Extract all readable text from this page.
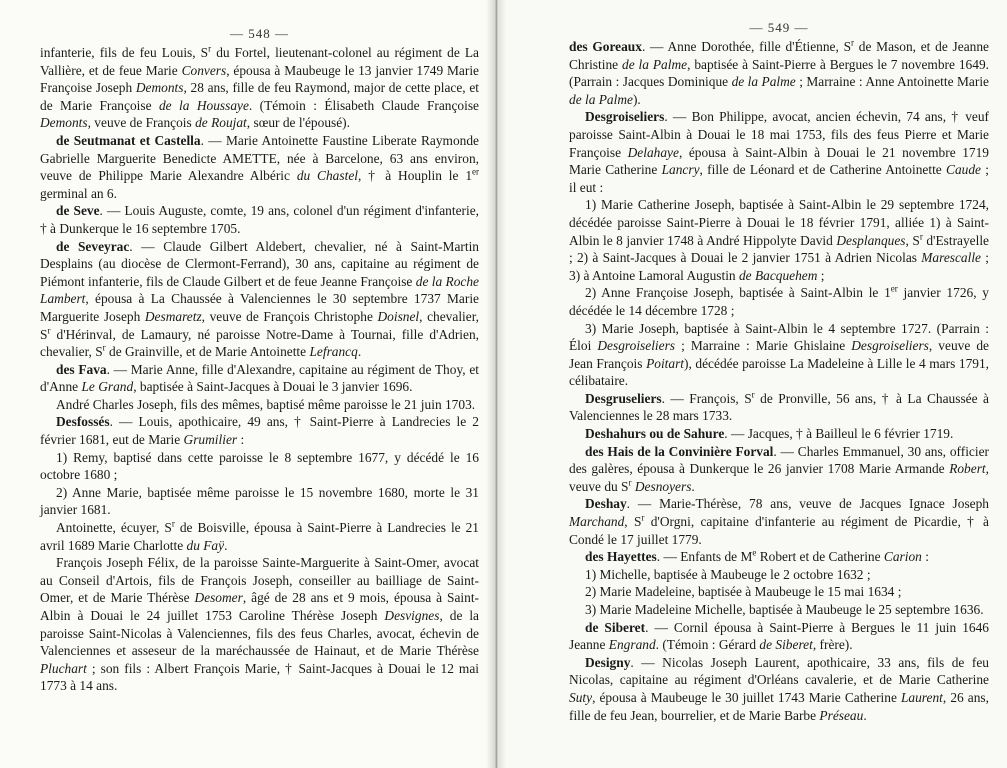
— 548 —

infanterie, fils de feu Louis, $S^r$ du Fortel, lieutenant-colonel au régiment de La Vallière, et de feue Marie Convers, épousa à Maubeuge le 13 janvier 1749 Marie Françoise Joseph Demonts, 28 ans, fille de feu Raymond, major de cette place, et de Marie Françoise de la Houssaye. (Témoin : Élisabeth Claude Françoise Demonts, veuve de François de Roujat, sœur de l'épousé).

de Seutmanat et Castella. — Marie Antoinette Faustine Liberate Raymonde Gabrielle Marguerite Benedicte AMETTE, née à Barcelone, 63 ans environ, veuve de Philippe Marie Alexandre Albéric du Chastel, † à Houplin le 1er germinal an 6.

de Seve. — Louis Auguste, comte, 19 ans, colonel d'un régiment d'infanterie, † à Dunkerque le 16 septembre 1705.

de Seveyrac. — Claude Gilbert Aldebert, chevalier, né à Saint-Martin Desplains (au diocèse de Clermont-Ferrand), 30 ans, capitaine au régiment de Piémont infanterie, fils de Claude Gilbert et de feue Jeanne Françoise de la Roche Lambert, épousa à La Chaussée à Valenciennes le 30 septembre 1737 Marie Marguerite Joseph Desmaretz, veuve de François Christophe Doisnel, chevalier, $S^r$ d'Hérinval, de Lamaury, né paroisse Notre-Dame à Tournai, fille d'Adrien, chevalier, $S^r$ de Grainville, et de Marie Antoinette Lefrancq.

des Fava. — Marie Anne, fille d'Alexandre, capitaine au régiment de Thoy, et d'Anne Le Grand, baptisée à Saint-Jacques à Douai le 3 janvier 1696.

André Charles Joseph, fils des mêmes, baptisé même paroisse le 21 juin 1703.

Desfossés. — Louis, apothicaire, 49 ans, † Saint-Pierre à Landrecies le 2 février 1681, eut de Marie Grumilier :

1) Remy, baptisé dans cette paroisse le 8 septembre 1677, y décédé le 16 octobre 1680 ;

2) Anne Marie, baptisée même paroisse le 15 novembre 1680, morte le 31 janvier 1681.

Antoinette, écuyer, $S^r$ de Boisville, épousa à Saint-Pierre à Landrecies le 21 avril 1689 Marie Charlotte du Faÿ.

François Joseph Félix, de la paroisse Sainte-Marguerite à Saint-Omer, avocat au Conseil d'Artois, fils de François Joseph, conseiller au bailliage de Saint-Omer, et de Marie Thérèse Desomer, âgé de 28 ans et 9 mois, épousa à Saint-Albin à Douai le 24 juillet 1753 Caroline Thérèse Joseph Desvignes, de la paroisse Saint-Nicolas à Valenciennes, fils des feus Charles, avocat, échevin de Valenciennes et asseseur de la maréchaussée de Hainaut, et de Marie Thérèse Pluchart ; son fils : Albert François Marie, † Saint-Jacques à Douai le 12 mai 1773 à 14 ans.

— 549 —

des Goreaux. — Anne Dorothée, fille d'Étienne, $S^r$ de Mason, et de Jeanne Christine de la Palme, baptisée à Saint-Pierre à Bergues le 7 novembre 1649. (Parrain : Jacques Dominique de la Palme ; Marraine : Anne Antoinette Marie de la Palme).

Desgroiseliers. — Bon Philippe, avocat, ancien échevin, 74 ans, † veuf paroisse Saint-Albin à Douai le 18 mai 1753, fils des feus Pierre et Marie Françoise Delahaye, épousa à Saint-Albin à Douai le 21 novembre 1719 Marie Catherine Lancry, fille de Léonard et de Catherine Antoinette Caude ; il eut :

1) Marie Catherine Joseph, baptisée à Saint-Albin le 29 septembre 1724, décédée paroisse Saint-Pierre à Douai le 18 février 1791, alliée 1) à Saint-Albin le 8 janvier 1748 à André Hippolyte David Desplanques, $S^r$ d'Estrayelle ; 2) à Saint-Jacques à Douai le 2 janvier 1751 à Adrien Nicolas Marescalle ; 3) à Antoine Lamoral Augustin de Bacquehem ;

2) Anne Françoise Joseph, baptisée à Saint-Albin le 1er janvier 1726, y décédée le 14 décembre 1728 ;

3) Marie Joseph, baptisée à Saint-Albin le 4 septembre 1727. (Parrain : Éloi Desgroiseliers ; Marraine : Marie Ghislaine Desgroiseliers, veuve de Jean François Poitart), décédée paroisse La Madeleine à Lille le 4 mars 1791, célibataire.

Desgruseliers. — François, $S^r$ de Pronville, 56 ans, † à La Chaussée à Valenciennes le 28 mars 1733.

Deshahurs ou de Sahure. — Jacques, † à Bailleul le 6 février 1719.

des Hais de la Convinière Forval. — Charles Emmanuel, 30 ans, officier des galères, épousa à Dunkerque le 26 janvier 1708 Marie Armande Robert, veuve du $S^r$ Desnoyers.

Deshay. — Marie-Thérèse, 78 ans, veuve de Jacques Ignace Joseph Marchand, $S^r$ d'Orgni, capitaine d'infanterie au régiment de Picardie, † à Condé le 17 juillet 1779.

des Hayettes. — Enfants de Me Robert et de Catherine Carion :

1) Michelle, baptisée à Maubeuge le 2 octobre 1632 ;

2) Marie Madeleine, baptisée à Maubeuge le 15 mai 1634 ;

3) Marie Madeleine Michelle, baptisée à Maubeuge le 25 septembre 1636.

de Siberet. — Cornil épousa à Saint-Pierre à Bergues le 11 juin 1646 Jeanne Engrand. (Témoin : Gérard de Siberet, frère).

Designy. — Nicolas Joseph Laurent, apothicaire, 33 ans, fils de feu Nicolas, capitaine au régiment d'Orléans cavalerie, et de Marie Catherine Suty, épousa à Maubeuge le 30 juillet 1743 Marie Catherine Laurent, 26 ans, fille de feu Jean, bourrelier, et de Marie Barbe Préseau.
